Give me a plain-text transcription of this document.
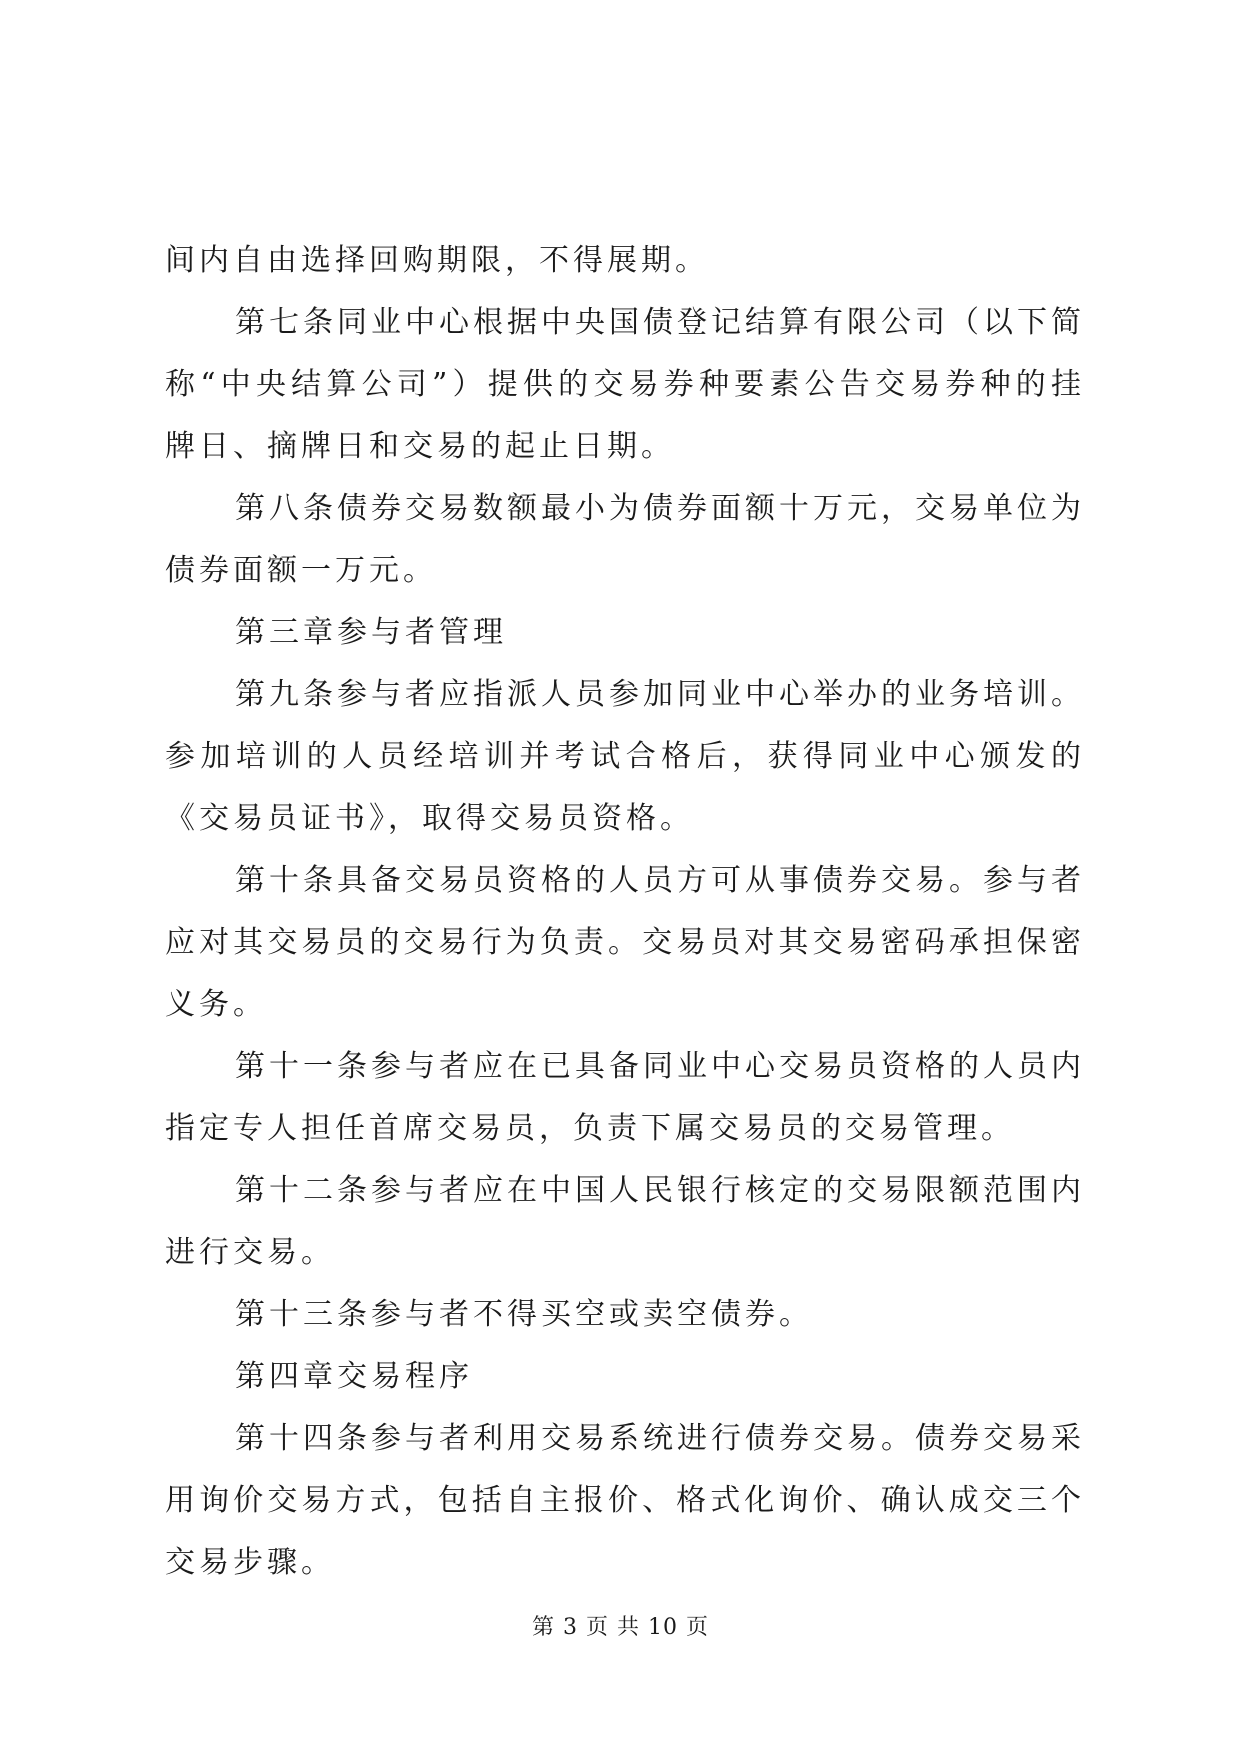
间内自由选择回购期限，不得展期。

第七条同业中心根据中央国债登记结算有限公司（以下简称“中央结算公司”）提供的交易券种要素公告交易券种的挂牌日、摘牌日和交易的起止日期。

第八条债券交易数额最小为债券面额十万元，交易单位为债券面额一万元。

第三章参与者管理

第九条参与者应指派人员参加同业中心举办的业务培训。参加培训的人员经培训并考试合格后，获得同业中心颁发的《交易员证书》，取得交易员资格。

第十条具备交易员资格的人员方可从事债券交易。参与者应对其交易员的交易行为负责。交易员对其交易密码承担保密义务。

第十一条参与者应在已具备同业中心交易员资格的人员内指定专人担任首席交易员，负责下属交易员的交易管理。

第十二条参与者应在中国人民银行核定的交易限额范围内进行交易。

第十三条参与者不得买空或卖空债券。

第四章交易程序

第十四条参与者利用交易系统进行债券交易。债券交易采用询价交易方式，包括自主报价、格式化询价、确认成交三个交易步骤。

第 3 页 共 10 页
